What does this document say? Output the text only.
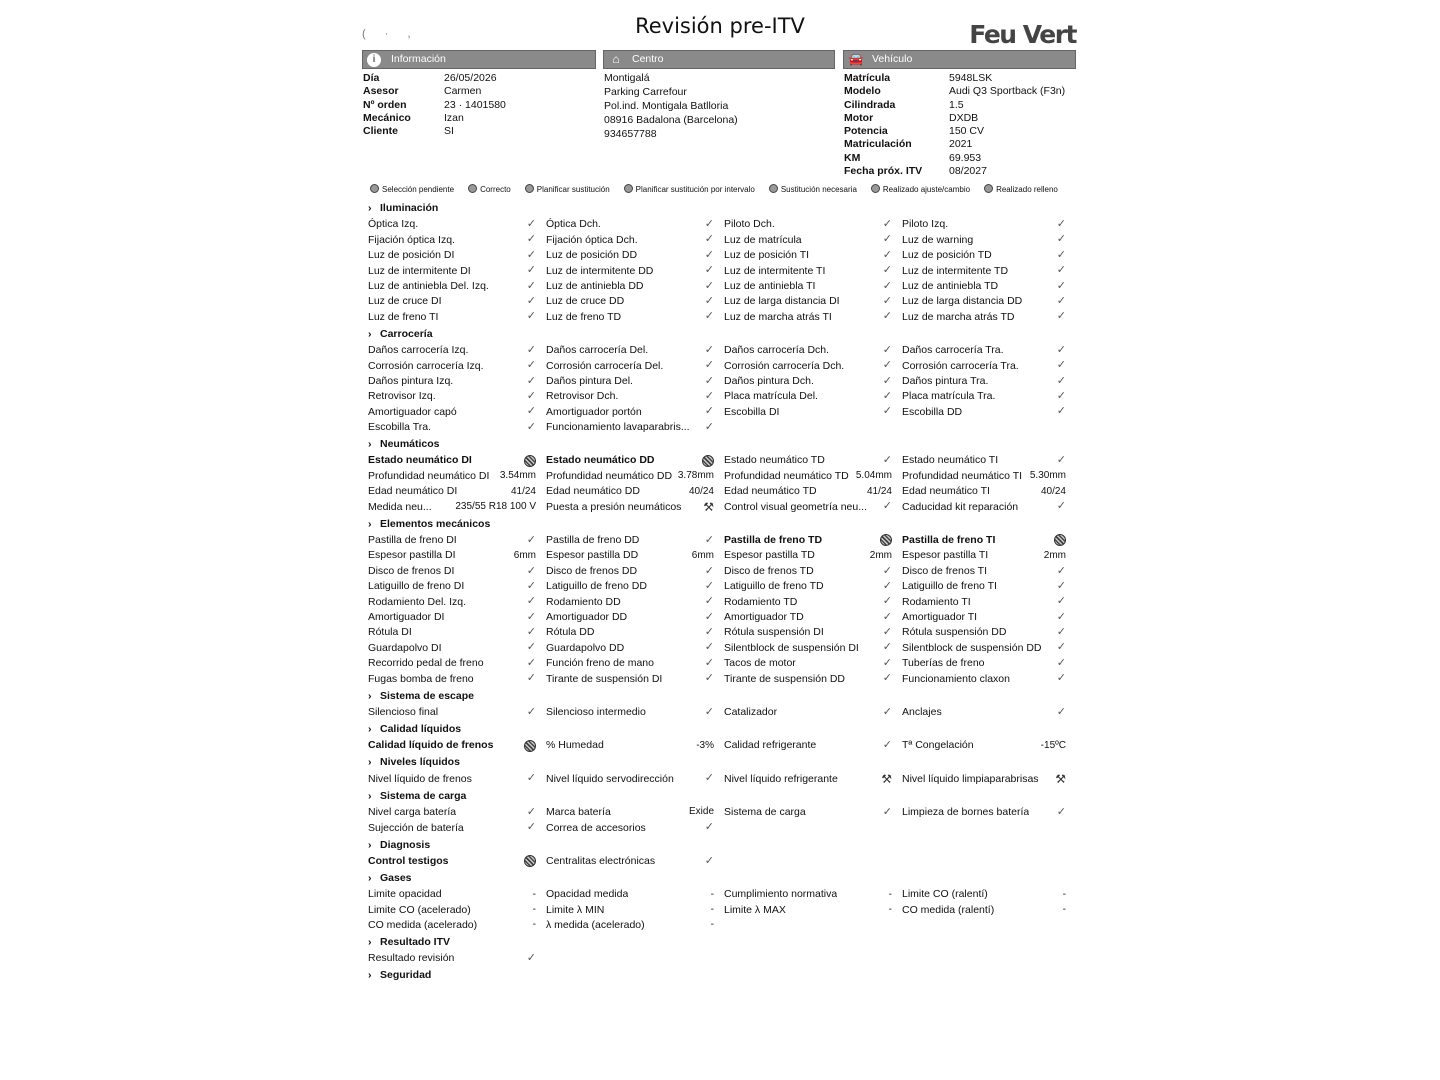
( · ,	Revisión pre-ITV	Feu Vert
i	Información	⌂	Centro	🚘 Vehículo
Día	26/05/2026
Asesor	Carmen
Nº orden	23 · 1401580
Mecánico	Izan
Cliente	SI
Montigalá
Parking Carrefour
Pol.ind. Montigala Batlloria
08916 Badalona (Barcelona)
934657788
Matrícula	5948LSK
Modelo	Audi Q3 Sportback (F3n)
Cilindrada	1.5
Motor	DXDB
Potencia	150 CV
Matriculación	2021
KM	69.953
Fecha próx. ITV	08/2027
Selección pendiente	Correcto	Planificar sustitución	Planificar sustitución por intervalo	Sustitución necesaria	Realizado ajuste/cambio	Realizado relleno
› Iluminación
Óptica Izq.	✓ Óptica Dch.	✓ Piloto Dch.	✓ Piloto Izq.	✓
Fijación óptica Izq.	✓ Fijación óptica Dch.	✓ Luz de matrícula	✓ Luz de warning	✓
Luz de posición DI	✓ Luz de posición DD	✓ Luz de posición TI	✓ Luz de posición TD	✓
Luz de intermitente DI	✓ Luz de intermitente DD	✓ Luz de intermitente TI	✓ Luz de intermitente TD	✓
Luz de antiniebla Del. Izq.	✓ Luz de antiniebla DD	✓ Luz de antiniebla TI	✓ Luz de antiniebla TD	✓
Luz de cruce DI	✓ Luz de cruce DD	✓ Luz de larga distancia DI	✓ Luz de larga distancia DD	✓
Luz de freno TI	✓ Luz de freno TD	✓ Luz de marcha atrás TI	✓ Luz de marcha atrás TD	✓
› Carrocería
Daños carrocería Izq.	✓ Daños carrocería Del.	✓ Daños carrocería Dch.	✓ Daños carrocería Tra.	✓
Corrosión carrocería Izq.	✓ Corrosión carrocería Del.	✓ Corrosión carrocería Dch.	✓ Corrosión carrocería Tra.	✓
Daños pintura Izq.	✓ Daños pintura Del.	✓ Daños pintura Dch.	✓ Daños pintura Tra.	✓
Retrovisor Izq.	✓ Retrovisor Dch.	✓ Placa matrícula Del.	✓ Placa matrícula Tra.	✓
Amortiguador capó	✓ Amortiguador portón	✓ Escobilla DI	✓ Escobilla DD	✓
Escobilla Tra.	✓ Funcionamiento lavaparabris... ✓
› Neumáticos
Estado neumático DI	Estado neumático DD	Estado neumático TD	✓ Estado neumático TI	✓
Profundidad neumático DI 3.54mm Profundidad neumático DD 3.78mm Profundidad neumático TD 5.04mm Profundidad neumático TI 5.30mm
Edad neumático DI	41/24 Edad neumático DD	40/24 Edad neumático TD	41/24 Edad neumático TI	40/24
Medida neu... 235/55 R18 100 V Puesta a presión neumáticos ⚒ Control visual geometría neu... ✓ Caducidad kit reparación	✓
› Elementos mecánicos
Pastilla de freno DI	✓ Pastilla de freno DD	✓ Pastilla de freno TD	Pastilla de freno TI
Espesor pastilla DI	6mm Espesor pastilla DD	6mm Espesor pastilla TD	2mm Espesor pastilla TI	2mm
Disco de frenos DI	✓ Disco de frenos DD	✓ Disco de frenos TD	✓ Disco de frenos TI	✓
Latiguillo de freno DI	✓ Latiguillo de freno DD	✓ Latiguillo de freno TD	✓ Latiguillo de freno TI	✓
Rodamiento Del. Izq.	✓ Rodamiento DD	✓ Rodamiento TD	✓ Rodamiento TI	✓
Amortiguador DI	✓ Amortiguador DD	✓ Amortiguador TD	✓ Amortiguador TI	✓
Rótula DI	✓ Rótula DD	✓ Rótula suspensión DI	✓ Rótula suspensión DD	✓
Guardapolvo DI	✓ Guardapolvo DD	✓ Silentblock de suspensión DI ✓ Silentblock de suspensión DD ✓
Recorrido pedal de freno	✓ Función freno de mano	✓ Tacos de motor	✓ Tuberías de freno	✓
Fugas bomba de freno	✓ Tirante de suspensión DI	✓ Tirante de suspensión DD	✓ Funcionamiento claxon	✓
› Sistema de escape
Silencioso final	✓ Silencioso intermedio	✓ Catalizador	✓ Anclajes	✓
› Calidad líquidos
Calidad líquido de frenos	% Humedad	-3% Calidad refrigerante	✓ Tª Congelación	-15ºC
› Niveles líquidos
Nivel líquido de frenos	✓ Nivel líquido servodirección	✓ Nivel líquido refrigerante	⚒ Nivel líquido limpiaparabrisas ⚒
› Sistema de carga
Nivel carga batería	✓ Marca batería	Exide Sistema de carga	✓ Limpieza de bornes batería	✓
Sujección de batería	✓ Correa de accesorios	✓
› Diagnosis
Control testigos	Centralitas electrónicas	✓
› Gases
Limite opacidad	- Opacidad medida	- Cumplimiento normativa	- Limite CO (ralentí)	-
Limite CO (acelerado)	- Limite λ MIN	- Limite λ MAX	- CO medida (ralentí)	-
CO medida (acelerado)	- λ medida (acelerado)	-
› Resultado ITV
Resultado revisión	✓
› Seguridad
